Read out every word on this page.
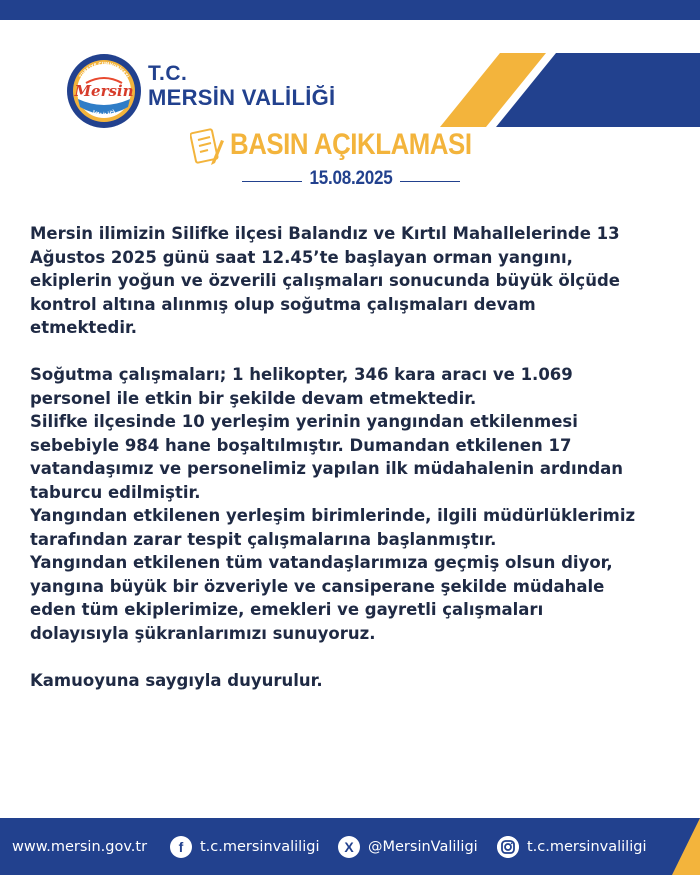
Mersin
TÜRKİYE CUMHURİYETİ
VALİLİĞİ
T.C.
MERSİN VALİLİĞİ
BASIN AÇIKLAMASI
15.08.2025

Mersin ilimizin Silifke ilçesi Balandız ve Kırtıl Mahallelerinde 13

Ağustos 2025 günü saat 12.45’te başlayan orman yangını,

ekiplerin yoğun ve özverili çalışmaları sonucunda büyük ölçüde

kontrol altına alınmış olup soğutma çalışmaları devam

etmektedir.

Soğutma çalışmaları; 1 helikopter, 346 kara aracı ve 1.069

personel ile etkin bir şekilde devam etmektedir.

Silifke ilçesinde 10 yerleşim yerinin yangından etkilenmesi

sebebiyle 984 hane boşaltılmıştır. Dumandan etkilenen 17

vatandaşımız ve personelimiz yapılan ilk müdahalenin ardından

taburcu edilmiştir.

Yangından etkilenen yerleşim birimlerinde, ilgili müdürlüklerimiz

tarafından zarar tespit çalışmalarına başlanmıştır.

Yangından etkilenen tüm vatandaşlarımıza geçmiş olsun diyor,

yangına büyük bir özveriyle ve cansiperane şekilde müdahale

eden tüm ekiplerimize, emekleri ve gayretli çalışmaları

dolayısıyla şükranlarımızı sunuyoruz.

Kamuoyuna saygıyla duyurulur.

www.mersin.gov.tr	f	t.c.mersinvaliligi	X @MersinValiligi	t.c.mersinvaliligi
